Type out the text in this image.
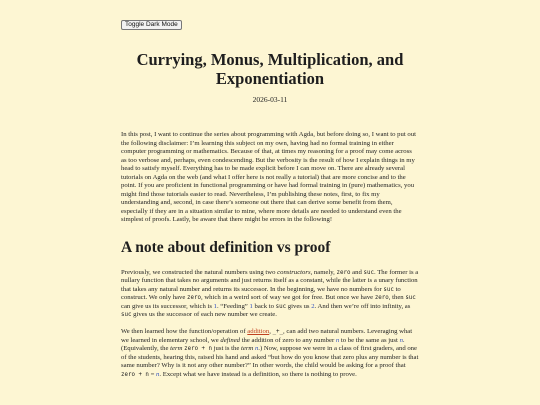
Toggle Dark Mode
Currying, Monus, Multiplication, and Exponentiation
2026-03-11

In this post, I want to continue the series about programming with Agda, but before doing so, I want to put out the following disclaimer: I’m learning this subject on my own, having had no formal training in either computer programming or mathematics. Because of that, at times my reasoning for a proof may come across as too verbose and, perhaps, even condescending. But the verbosity is the result of how I explain things in my head to satisfy myself. Everything has to be made explicit before I can move on. There are already several tutorials on Agda on the web (and what I offer here is not really a tutorial) that are more concise and to the point. If you are proficient in functional programming or have had formal training in (pure) mathematics, you might find those tutorials easier to read. Nevertheless, I’m publishing these notes, first, to fix my understanding and, second, in case there’s someone out there that can derive some benefit from them, especially if they are in a situation similar to mine, where more details are needed to understand even the simplest of proofs. Lastly, be aware that there might be errors in the following!

A note about definition vs proof

Previously, we constructed the natural numbers using two constructors, namely, zero and suc. The former is a nullary function that takes no arguments and just returns itself as a constant, while the latter is a unary function that takes any natural number and returns its successor. In the beginning, we have no numbers for suc to construct. We only have zero, which in a weird sort of way we got for free. But once we have zero, then suc can give us its successor, which is 1. “Feeding” 1 back to suc gives us 2. And then we’re off into infinity, as suc gives us the successor of each new number we create.

We then learned how the function/operation of addition, _+_, can add two natural numbers. Leveraging what we learned in elementary school, we defined the addition of zero to any number n to be the same as just n. (Equivalently, the term zero + n just is the term n.) Now, suppose we were in a class of first graders, and one of the students, hearing this, raised his hand and asked “but how do you know that zero plus any number is that same number? Why is it not any other number?” In other words, the child would be asking for a proof that zero + n = n. Except what we have instead is a definition, so there is nothing to prove.
